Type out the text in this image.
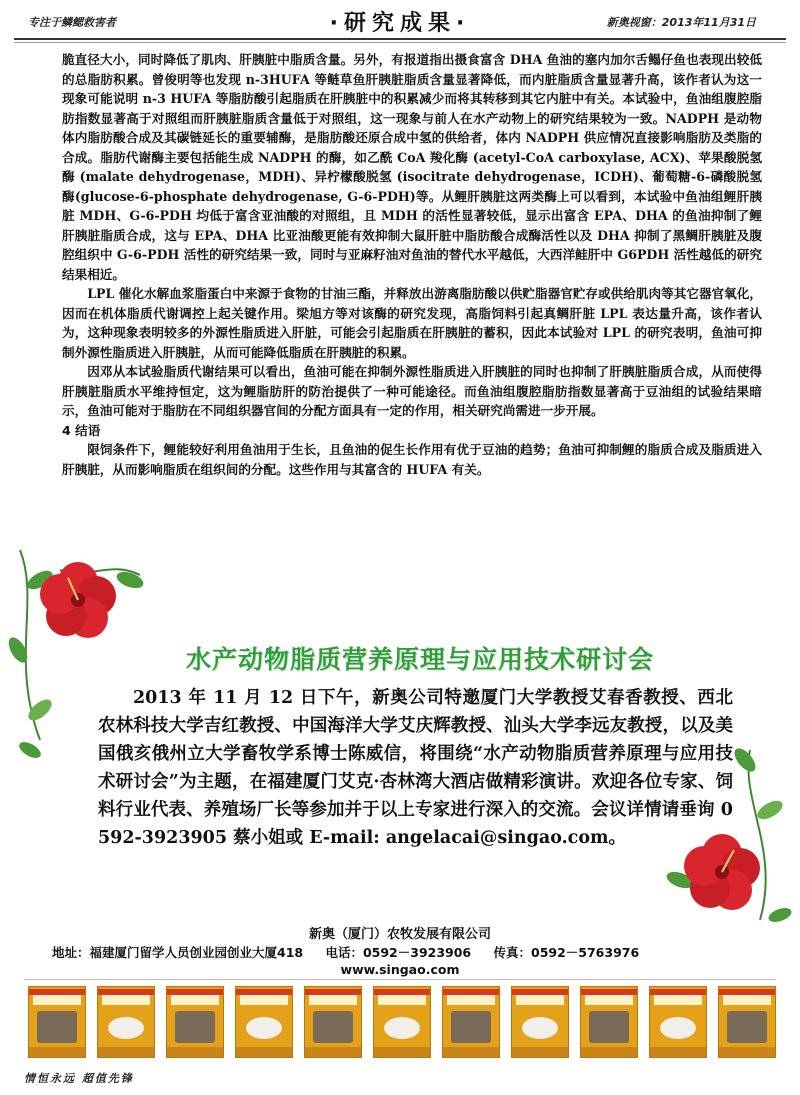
专注于鳞鳃救害者	·研究成果·	新奥视窗：2013年11月31日

脆直径大小，同时降低了肌肉、肝胰脏中脂质含量。另外，有报道指出摄食富含 DHA 鱼油的塞内加尔舌鳎仔鱼也表现出较低的总脂肪积累。曾俊明等也发现 n-3HUFA 等鲢草鱼肝胰脏脂质含量显著降低，而内脏脂质含量显著升高，该作者认为这一现象可能说明 n-3 HUFA 等脂肪酸引起脂质在肝胰脏中的积累减少而将其转移到其它内脏中有关。本试验中，鱼油组腹腔脂肪指数显著高于对照组而肝胰脏脂质含量低于对照组，这一现象与前人在水产动物上的研究结果较为一致。NADPH 是动物体内脂肪酸合成及其碳链延长的重要辅酶，是脂肪酸还原合成中氢的供给者，体内 NADPH 供应情况直接影响脂肪及类脂的合成。脂肪代谢酶主要包括能生成 NADPH 的酶，如乙酰 CoA 羧化酶 (acetyl-CoA carboxylase, ACX)、苹果酸脱氢酶 (malate dehydrogenase，MDH)、异柠檬酸脱氢 (isocitrate dehydrogenase，ICDH)、葡萄糖-6-磷酸脱氢酶(glucose-6-phosphate dehydrogenase, G-6-PDH)等。从鲤肝胰脏这两类酶上可以看到，本试验中鱼油组鲤肝胰脏 MDH、G-6-PDH 均低于富含亚油酸的对照组，且 MDH 的活性显著较低，显示出富含 EPA、DHA 的鱼油抑制了鲤肝胰脏脂质合成，这与 EPA、DHA 比亚油酸更能有效抑制大鼠肝脏中脂肪酸合成酶活性以及 DHA 抑制了黑鲷肝胰脏及腹腔组织中 G-6-PDH 活性的研究结果一致，同时与亚麻籽油对鱼油的替代水平越低，大西洋鲑肝中 G6PDH 活性越低的研究结果相近。

LPL 催化水解血浆脂蛋白中来源于食物的甘油三酯，并释放出游离脂肪酸以供贮脂器官贮存或供给肌肉等其它器官氧化，因而在机体脂质代谢调控上起关键作用。梁旭方等对该酶的研究发现，高脂饲料引起真鲷肝脏 LPL 表达量升高，该作者认为，这种现象表明较多的外源性脂质进入肝脏，可能会引起脂质在肝胰脏的蓄积，因此本试验对 LPL 的研究表明，鱼油可抑制外源性脂质进入肝胰脏，从而可能降低脂质在肝胰脏的积累。

因邓从本试验脂质代谢结果可以看出，鱼油可能在抑制外源性脂质进入肝胰脏的同时也抑制了肝胰脏脂质合成，从而使得肝胰脏脂质水平维持恒定，这为鲤脂肪肝的防治提供了一种可能途径。而鱼油组腹腔脂肪指数显著高于豆油组的试验结果暗示，鱼油可能对于脂肪在不同组织器官间的分配方面具有一定的作用，相关研究尚需进一步开展。

4 结语

限饲条件下，鲤能较好利用鱼油用于生长，且鱼油的促生长作用有优于豆油的趋势；鱼油可抑制鲤的脂质合成及脂质进入肝胰脏，从而影响脂质在组织间的分配。这些作用与其富含的 HUFA 有关。

水产动物脂质营养原理与应用技术研讨会

2013 年 11 月 12 日下午，新奥公司特邀厦门大学教授艾春香教授、西北农林科技大学吉红教授、中国海洋大学艾庆辉教授、汕头大学李远友教授，以及美国俄亥俄州立大学畜牧学系博士陈威信，将围绕“水产动物脂质营养原理与应用技术研讨会”为主题，在福建厦门艾克·杏林湾大酒店做精彩演讲。欢迎各位专家、饲料行业代表、养殖场厂长等参加并于以上专家进行深入的交流。会议详情请垂询 0592-3923905 蔡小姐或 E-mail: angelacai@singao.com。

新奥（厦门）农牧发展有限公司
地址：福建厦门留学人员创业园创业大厦418 电话：0592－3923906 传真：0592－5763976
www.singao.com
情恒永远 超值先锋
